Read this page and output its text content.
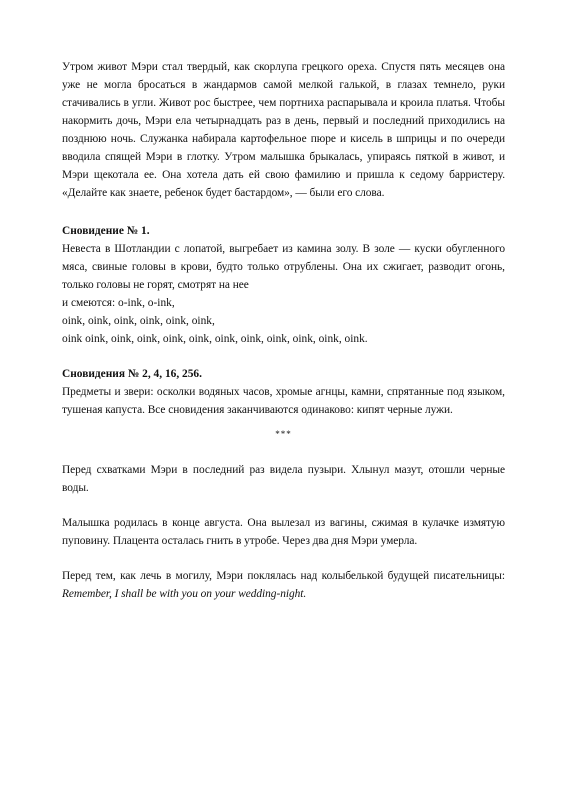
Утром живот Мэри стал твердый, как скорлупа грецкого ореха. Спустя пять месяцев она уже не могла бросаться в жандармов самой мелкой галькой, в глазах темнело, руки стачивались в угли. Живот рос быстрее, чем портниха распарывала и кроила платья. Чтобы накормить дочь, Мэри ела четырнадцать раз в день, первый и последний приходились на позднюю ночь. Служанка набирала картофельное пюре и кисель в шприцы и по очереди вводила спящей Мэри в глотку. Утром малышка брыкалась, упираясь пяткой в живот, и Мэри щекотала ее. Она хотела дать ей свою фамилию и пришла к седому барристеру. «Делайте как знаете, ребенок будет бастардом», — были его слова.

Сновидение № 1.

Невеста в Шотландии с лопатой, выгребает из камина золу. В золе — куски обугленного мяса, свиные головы в крови, будто только отрублены. Она их сжигает, разводит огонь, только головы не горят, смотрят на нее

и смеются: o-ink, o-ink,

oink, oink, oink, oink, oink, oink,

oink oink, oink, oink, oink, oink, oink, oink, oink, oink, oink, oink.

Сновидения № 2, 4, 16, 256.

Предметы и звери: осколки водяных часов, хромые агнцы, камни, спрятанные под языком, тушеная капуста. Все сновидения заканчиваются одинаково: кипят черные лужи.

***

Перед схватками Мэри в последний раз видела пузыри. Хлынул мазут, отошли черные воды.

Малышка родилась в конце августа. Она вылезал из вагины, сжимая в кулачке измятую пуповину. Плацента осталась гнить в утробе. Через два дня Мэри умерла.

Перед тем, как лечь в могилу, Мэри поклялась над колыбелькой будущей писательницы: Remember, I shall be with you on your wedding-night.
